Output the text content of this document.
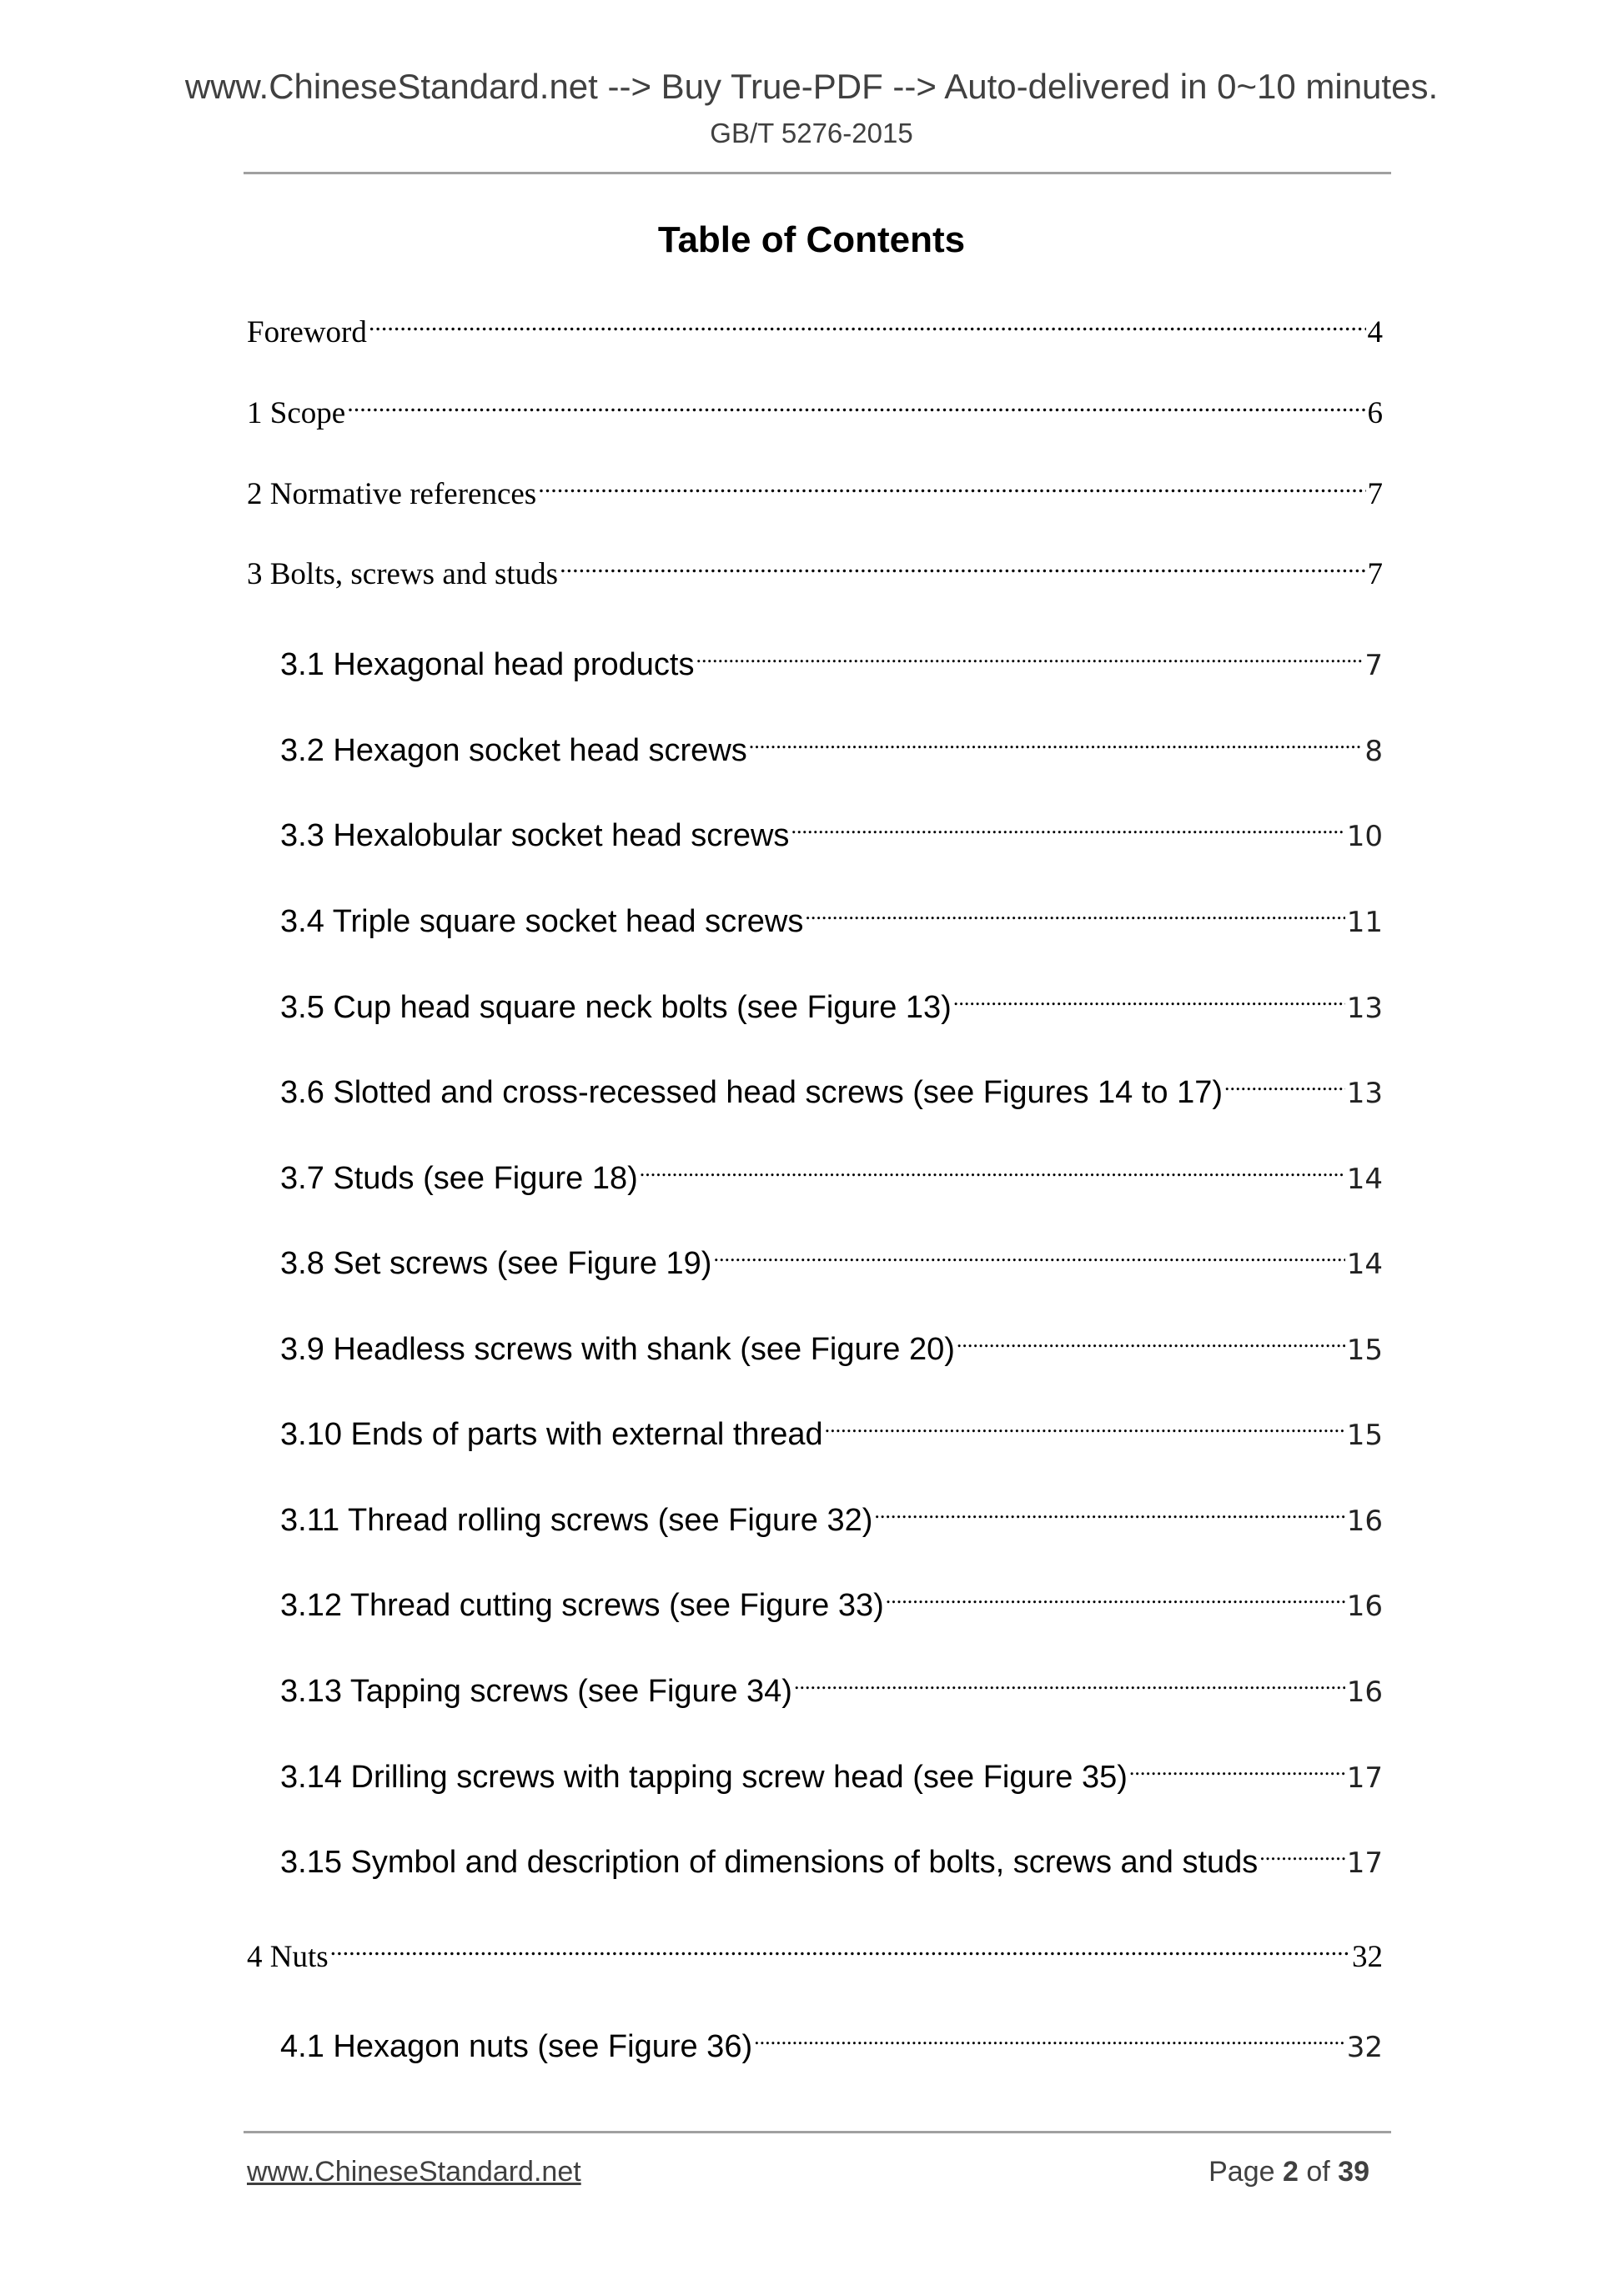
www.ChineseStandard.net --> Buy True-PDF --> Auto-delivered in 0~10 minutes.
GB/T 5276-2015
Table of Contents
Foreword .....	4
1 Scope .....	6
2 Normative references .....	7
3 Bolts, screws and studs .....	7
3.1 Hexagonal head products .....	7
3.2 Hexagon socket head screws .....	8
3.3 Hexalobular socket head screws .....	10
3.4 Triple square socket head screws .....	11
3.5 Cup head square neck bolts (see Figure 13) .....	13
3.6 Slotted and cross-recessed head screws (see Figures 14 to 17) .....	13
3.7 Studs (see Figure 18) .....	14
3.8 Set screws (see Figure 19) .....	14
3.9 Headless screws with shank (see Figure 20) .....	15
3.10 Ends of parts with external thread .....	15
3.11 Thread rolling screws (see Figure 32) .....	16
3.12 Thread cutting screws (see Figure 33) .....	16
3.13 Tapping screws (see Figure 34) .....	16
3.14 Drilling screws with tapping screw head (see Figure 35) .....	17
3.15 Symbol and description of dimensions of bolts, screws and studs .....	17
4 Nuts .....	32
4.1 Hexagon nuts (see Figure 36) .....	32
www.ChineseStandard.net	Page 2 of 39
